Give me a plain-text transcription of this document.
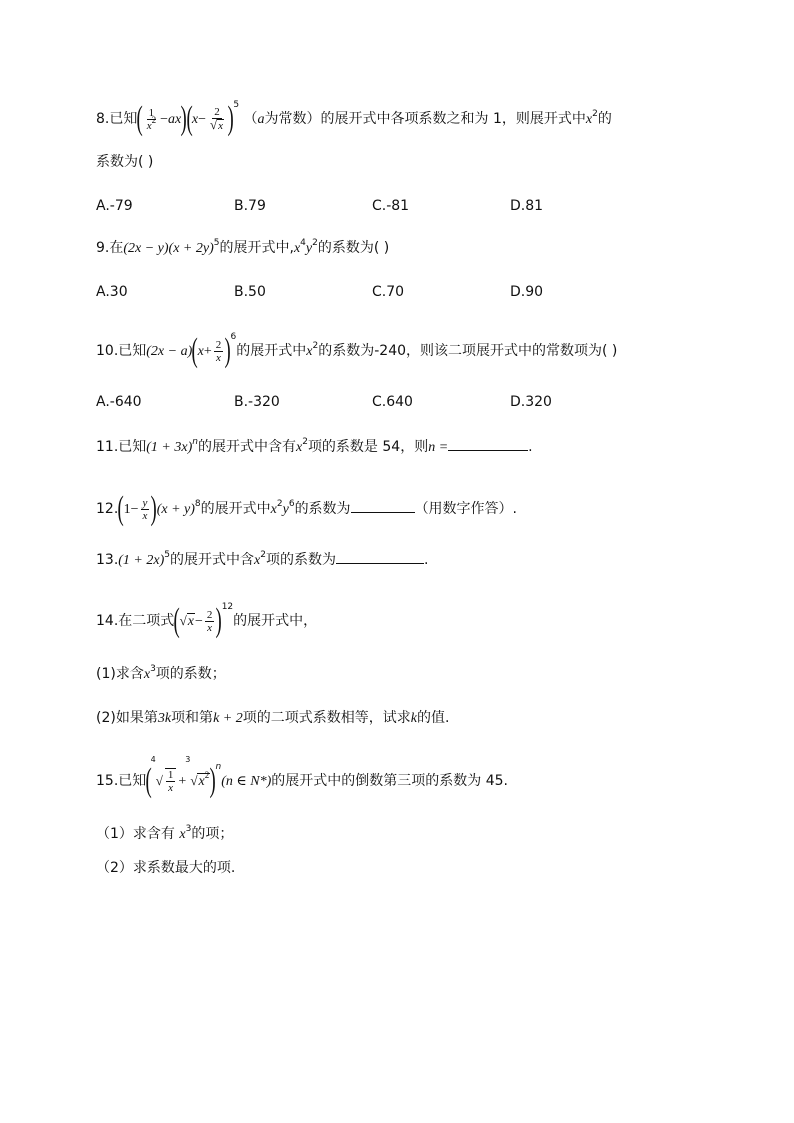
8.已知( $\frac{1}{x^2} -ax)(x- \frac{2}{√x} )^5$ （a为常数）的展开式中各项系数之和为 1，则展开式中$x^2$的
系数为( )
A.-79	B.79	C.-81	D.81
9.在$(2x - y)(x + 2y)^5$的展开式中$,x^4y^2$的系数为( )
A.30	B.50	C.70	D.90
10.已知$(2x - a)(x+ \frac{2}{x} )^6$的展开式中$x^2$的系数为-240，则该二项展开式中的常数项为( )
A.-640	B.-320	C.640	D.320
11.已知$(1 + 3x)^n$的展开式中含有$x^2$项的系数是 54，则n =	.
$12.(1- \frac{y}{x} )(x + y)^8$的展开式中$x^2y^6$的系数为	（用数字作答）.
$13.(1 + 2x)^5$的展开式中含$x^2$项的系数为	.
14.在二项式$(√x- \frac{2}{x} )^{12}$的展开式中，
(1)求含$x^3$项的系数；
(2)如果第3k项和第k + 2项的二项式系数相等，试求k的值.
15.已知$(^4√ \frac{1}{x} +^3√x^2)^n(n$ ∈ N*)的展开式中的倒数第三项的系数为 45.
（1）求含有 $x^3$的项；
（2）求系数最大的项.
